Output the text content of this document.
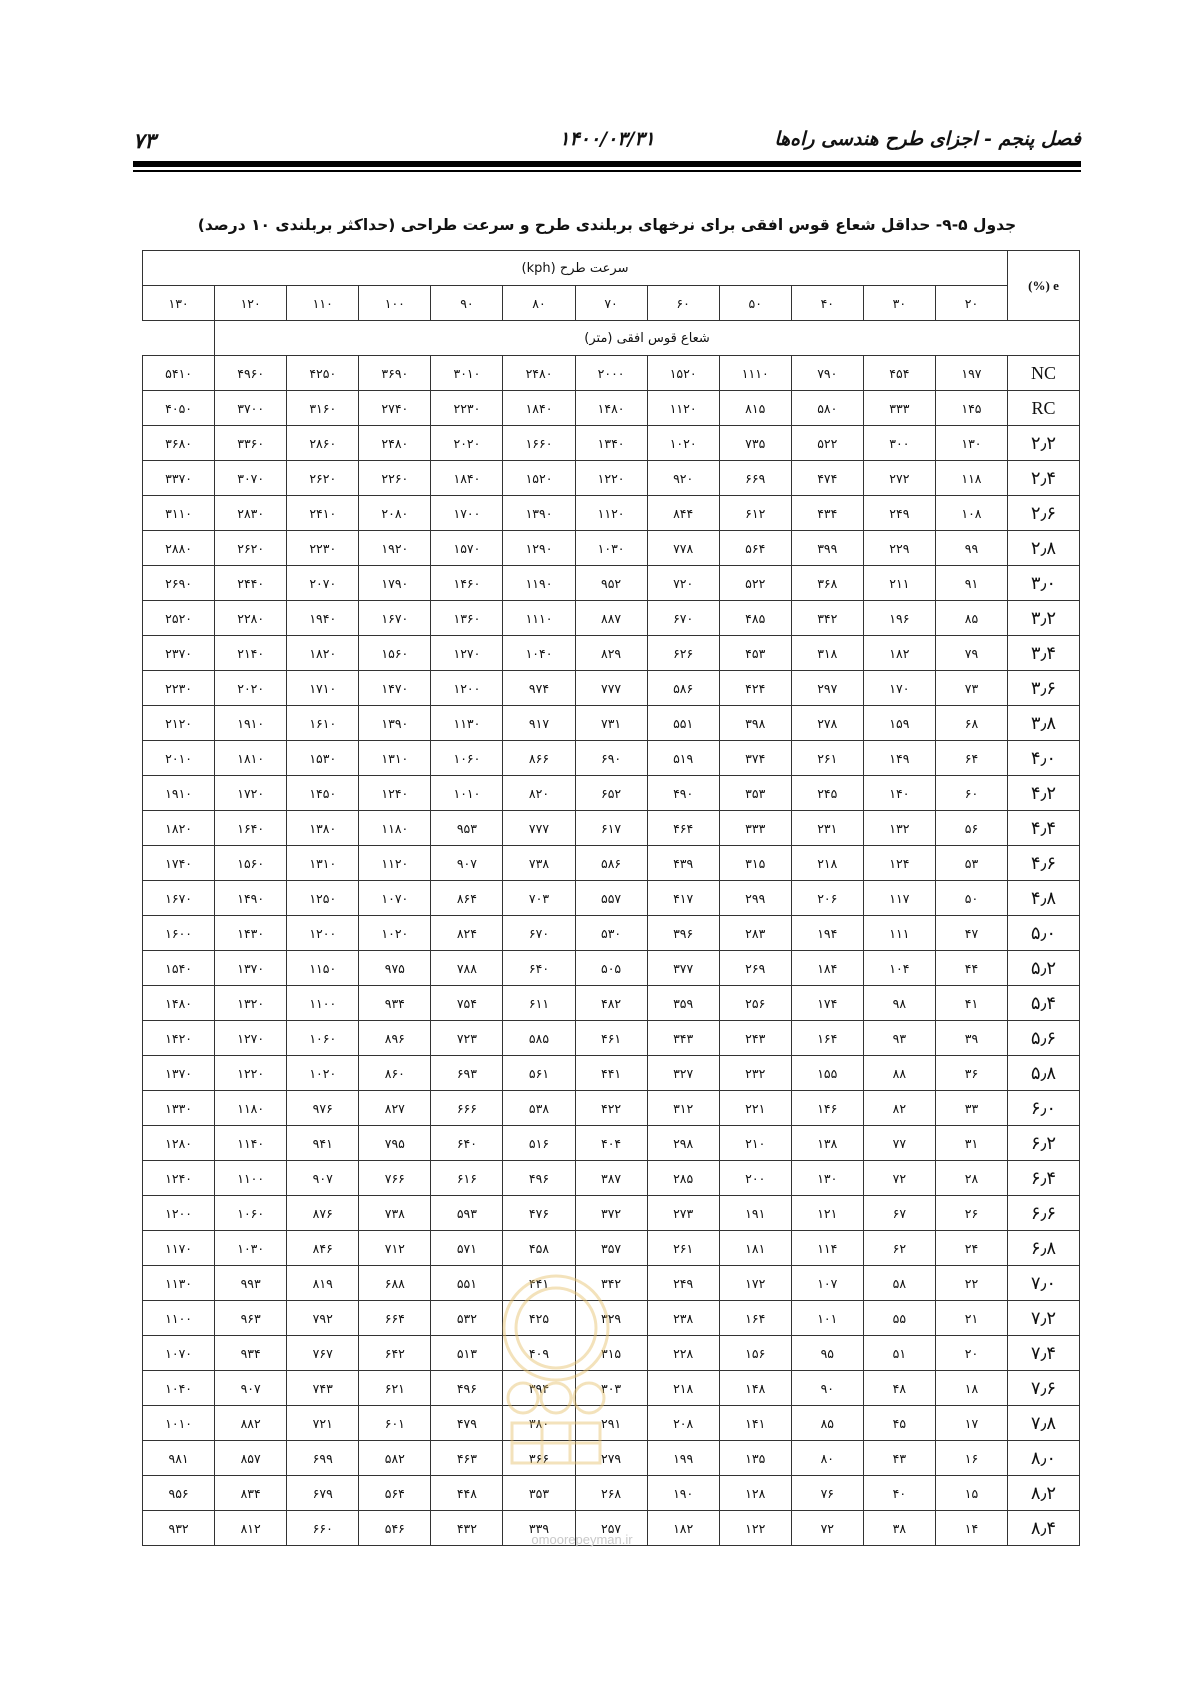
فصل پنجم - اجزای طرح هندسی راه‌ها
۱۴۰۰/۰۳/۳۱
۷۳
جدول ۵-۹- حداقل شعاع قوس افقی برای نرخهای بربلندی طرح و سرعت طراحی (حداکثر بربلندی ۱۰ درصد)
e (%)	سرعت طرح (kph)											
	۲۰	۳۰	۴۰	۵۰	۶۰	۷۰	۸۰	۹۰	۱۰۰	۱۱۰	۱۲۰	۱۳۰
شعاع قوس افقی (متر)												
NC	۱۹۷	۴۵۴	۷۹۰	۱۱۱۰	۱۵۲۰	۲۰۰۰	۲۴۸۰	۳۰۱۰	۳۶۹۰	۴۲۵۰	۴۹۶۰	۵۴۱۰
RC	۱۴۵	۳۳۳	۵۸۰	۸۱۵	۱۱۲۰	۱۴۸۰	۱۸۴۰	۲۲۳۰	۲۷۴۰	۳۱۶۰	۳۷۰۰	۴۰۵۰
۲٫۲	۱۳۰	۳۰۰	۵۲۲	۷۳۵	۱۰۲۰	۱۳۴۰	۱۶۶۰	۲۰۲۰	۲۴۸۰	۲۸۶۰	۳۳۶۰	۳۶۸۰
۲٫۴	۱۱۸	۲۷۲	۴۷۴	۶۶۹	۹۲۰	۱۲۲۰	۱۵۲۰	۱۸۴۰	۲۲۶۰	۲۶۲۰	۳۰۷۰	۳۳۷۰
۲٫۶	۱۰۸	۲۴۹	۴۳۴	۶۱۲	۸۴۴	۱۱۲۰	۱۳۹۰	۱۷۰۰	۲۰۸۰	۲۴۱۰	۲۸۳۰	۳۱۱۰
۲٫۸	۹۹	۲۲۹	۳۹۹	۵۶۴	۷۷۸	۱۰۳۰	۱۲۹۰	۱۵۷۰	۱۹۲۰	۲۲۳۰	۲۶۲۰	۲۸۸۰
۳٫۰	۹۱	۲۱۱	۳۶۸	۵۲۲	۷۲۰	۹۵۲	۱۱۹۰	۱۴۶۰	۱۷۹۰	۲۰۷۰	۲۴۴۰	۲۶۹۰
۳٫۲	۸۵	۱۹۶	۳۴۲	۴۸۵	۶۷۰	۸۸۷	۱۱۱۰	۱۳۶۰	۱۶۷۰	۱۹۴۰	۲۲۸۰	۲۵۲۰
۳٫۴	۷۹	۱۸۲	۳۱۸	۴۵۳	۶۲۶	۸۲۹	۱۰۴۰	۱۲۷۰	۱۵۶۰	۱۸۲۰	۲۱۴۰	۲۳۷۰
۳٫۶	۷۳	۱۷۰	۲۹۷	۴۲۴	۵۸۶	۷۷۷	۹۷۴	۱۲۰۰	۱۴۷۰	۱۷۱۰	۲۰۲۰	۲۲۳۰
۳٫۸	۶۸	۱۵۹	۲۷۸	۳۹۸	۵۵۱	۷۳۱	۹۱۷	۱۱۳۰	۱۳۹۰	۱۶۱۰	۱۹۱۰	۲۱۲۰
۴٫۰	۶۴	۱۴۹	۲۶۱	۳۷۴	۵۱۹	۶۹۰	۸۶۶	۱۰۶۰	۱۳۱۰	۱۵۳۰	۱۸۱۰	۲۰۱۰
۴٫۲	۶۰	۱۴۰	۲۴۵	۳۵۳	۴۹۰	۶۵۲	۸۲۰	۱۰۱۰	۱۲۴۰	۱۴۵۰	۱۷۲۰	۱۹۱۰
۴٫۴	۵۶	۱۳۲	۲۳۱	۳۳۳	۴۶۴	۶۱۷	۷۷۷	۹۵۳	۱۱۸۰	۱۳۸۰	۱۶۴۰	۱۸۲۰
۴٫۶	۵۳	۱۲۴	۲۱۸	۳۱۵	۴۳۹	۵۸۶	۷۳۸	۹۰۷	۱۱۲۰	۱۳۱۰	۱۵۶۰	۱۷۴۰
۴٫۸	۵۰	۱۱۷	۲۰۶	۲۹۹	۴۱۷	۵۵۷	۷۰۳	۸۶۴	۱۰۷۰	۱۲۵۰	۱۴۹۰	۱۶۷۰
۵٫۰	۴۷	۱۱۱	۱۹۴	۲۸۳	۳۹۶	۵۳۰	۶۷۰	۸۲۴	۱۰۲۰	۱۲۰۰	۱۴۳۰	۱۶۰۰
۵٫۲	۴۴	۱۰۴	۱۸۴	۲۶۹	۳۷۷	۵۰۵	۶۴۰	۷۸۸	۹۷۵	۱۱۵۰	۱۳۷۰	۱۵۴۰
۵٫۴	۴۱	۹۸	۱۷۴	۲۵۶	۳۵۹	۴۸۲	۶۱۱	۷۵۴	۹۳۴	۱۱۰۰	۱۳۲۰	۱۴۸۰
۵٫۶	۳۹	۹۳	۱۶۴	۲۴۳	۳۴۳	۴۶۱	۵۸۵	۷۲۳	۸۹۶	۱۰۶۰	۱۲۷۰	۱۴۲۰
۵٫۸	۳۶	۸۸	۱۵۵	۲۳۲	۳۲۷	۴۴۱	۵۶۱	۶۹۳	۸۶۰	۱۰۲۰	۱۲۲۰	۱۳۷۰
۶٫۰	۳۳	۸۲	۱۴۶	۲۲۱	۳۱۲	۴۲۲	۵۳۸	۶۶۶	۸۲۷	۹۷۶	۱۱۸۰	۱۳۳۰
۶٫۲	۳۱	۷۷	۱۳۸	۲۱۰	۲۹۸	۴۰۴	۵۱۶	۶۴۰	۷۹۵	۹۴۱	۱۱۴۰	۱۲۸۰
۶٫۴	۲۸	۷۲	۱۳۰	۲۰۰	۲۸۵	۳۸۷	۴۹۶	۶۱۶	۷۶۶	۹۰۷	۱۱۰۰	۱۲۴۰
۶٫۶	۲۶	۶۷	۱۲۱	۱۹۱	۲۷۳	۳۷۲	۴۷۶	۵۹۳	۷۳۸	۸۷۶	۱۰۶۰	۱۲۰۰
۶٫۸	۲۴	۶۲	۱۱۴	۱۸۱	۲۶۱	۳۵۷	۴۵۸	۵۷۱	۷۱۲	۸۴۶	۱۰۳۰	۱۱۷۰
۷٫۰	۲۲	۵۸	۱۰۷	۱۷۲	۲۴۹	۳۴۲	۴۴۱	۵۵۱	۶۸۸	۸۱۹	۹۹۳	۱۱۳۰
۷٫۲	۲۱	۵۵	۱۰۱	۱۶۴	۲۳۸	۳۲۹	۴۲۵	۵۳۲	۶۶۴	۷۹۲	۹۶۳	۱۱۰۰
۷٫۴	۲۰	۵۱	۹۵	۱۵۶	۲۲۸	۳۱۵	۴۰۹	۵۱۳	۶۴۲	۷۶۷	۹۳۴	۱۰۷۰
۷٫۶	۱۸	۴۸	۹۰	۱۴۸	۲۱۸	۳۰۳	۳۹۴	۴۹۶	۶۲۱	۷۴۳	۹۰۷	۱۰۴۰
۷٫۸	۱۷	۴۵	۸۵	۱۴۱	۲۰۸	۲۹۱	۳۸۰	۴۷۹	۶۰۱	۷۲۱	۸۸۲	۱۰۱۰
۸٫۰	۱۶	۴۳	۸۰	۱۳۵	۱۹۹	۲۷۹	۳۶۶	۴۶۳	۵۸۲	۶۹۹	۸۵۷	۹۸۱
۸٫۲	۱۵	۴۰	۷۶	۱۲۸	۱۹۰	۲۶۸	۳۵۳	۴۴۸	۵۶۴	۶۷۹	۸۳۴	۹۵۶
۸٫۴	۱۴	۳۸	۷۲	۱۲۲	۱۸۲	۲۵۷	۳۳۹	۴۳۲	۵۴۶	۶۶۰	۸۱۲	۹۳۲
omoorepeyman.ir
